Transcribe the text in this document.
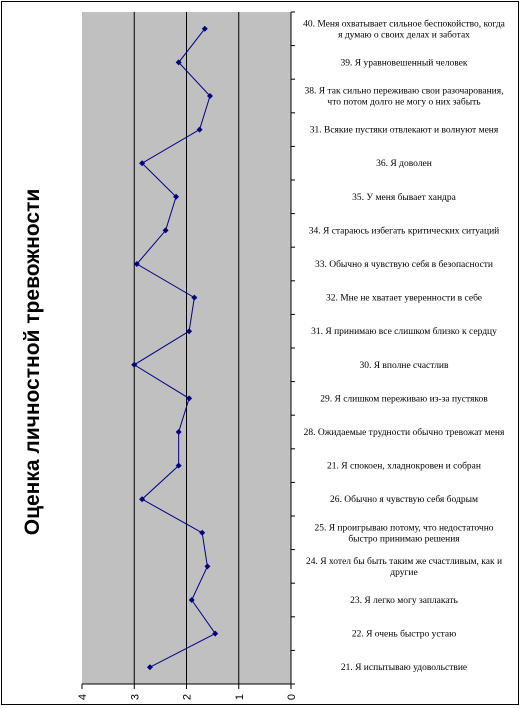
4	3	2	1	0
40. Меня охватывает сильное беспокойство, когда я думаю о своих делах и заботах
39. Я уравновешенный человек
38. Я так сильно переживаю свои разочарования, что потом долго не могу о них забыть
31. Всякие пустяки отвлекают и волнуют меня
36. Я доволен
35. У меня бывает хандра
34. Я стараюсь избегать критических ситуаций
33. Обычно я чувствую себя в безопасности
32. Мне не хватает уверенности в себе
31. Я принимаю все слишком близко к сердцу
30. Я вполне счастлив
29. Я слишком переживаю из-за пустяков
28. Ожидаемые трудности обычно тревожат меня
21. Я спокоен, хладнокровен и собран
26. Обычно я чувствую себя бодрым
25. Я проигрываю потому, что недостаточно быстро принимаю решения
24. Я хотел бы быть таким же счастливым, как и другие
23. Я легко могу заплакать
22. Я очень быстро устаю
21. Я испытываю удовольствие
Оценка личностной тревожности
